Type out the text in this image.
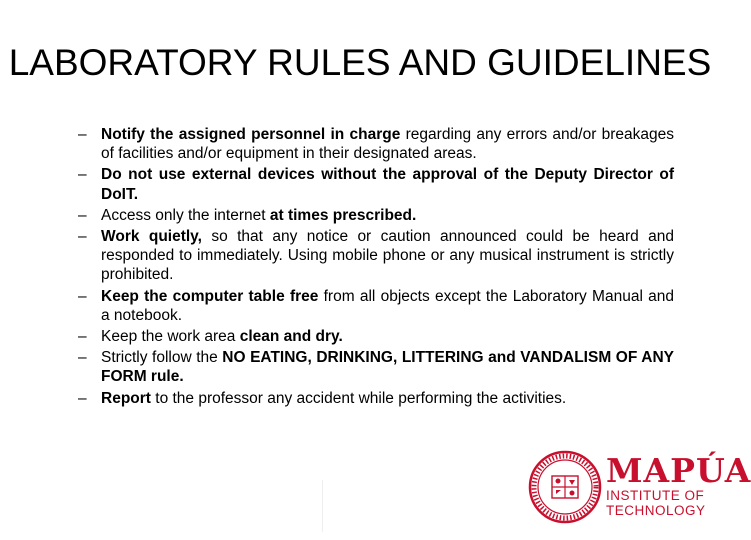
LABORATORY RULES AND GUIDELINES
– Notify the assigned personnel in charge regarding any errors and/or breakages of facilities and/or equipment in their designated areas.
– Do not use external devices without the approval of the Deputy Director of DoIT.
– Access only the internet at times prescribed.
– Work quietly, so that any notice or caution announced could be heard and responded to immediately. Using mobile phone or any musical instrument is strictly prohibited.
– Keep the computer table free from all objects except the Laboratory Manual and a notebook.
– Keep the work area clean and dry.
– Strictly follow the NO EATING, DRINKING, LITTERING and VANDALISM OF ANY FORM rule.
– Report to the professor any accident while performing the activities.
MAPÚA
INSTITUTE OF
TECHNOLOGY
